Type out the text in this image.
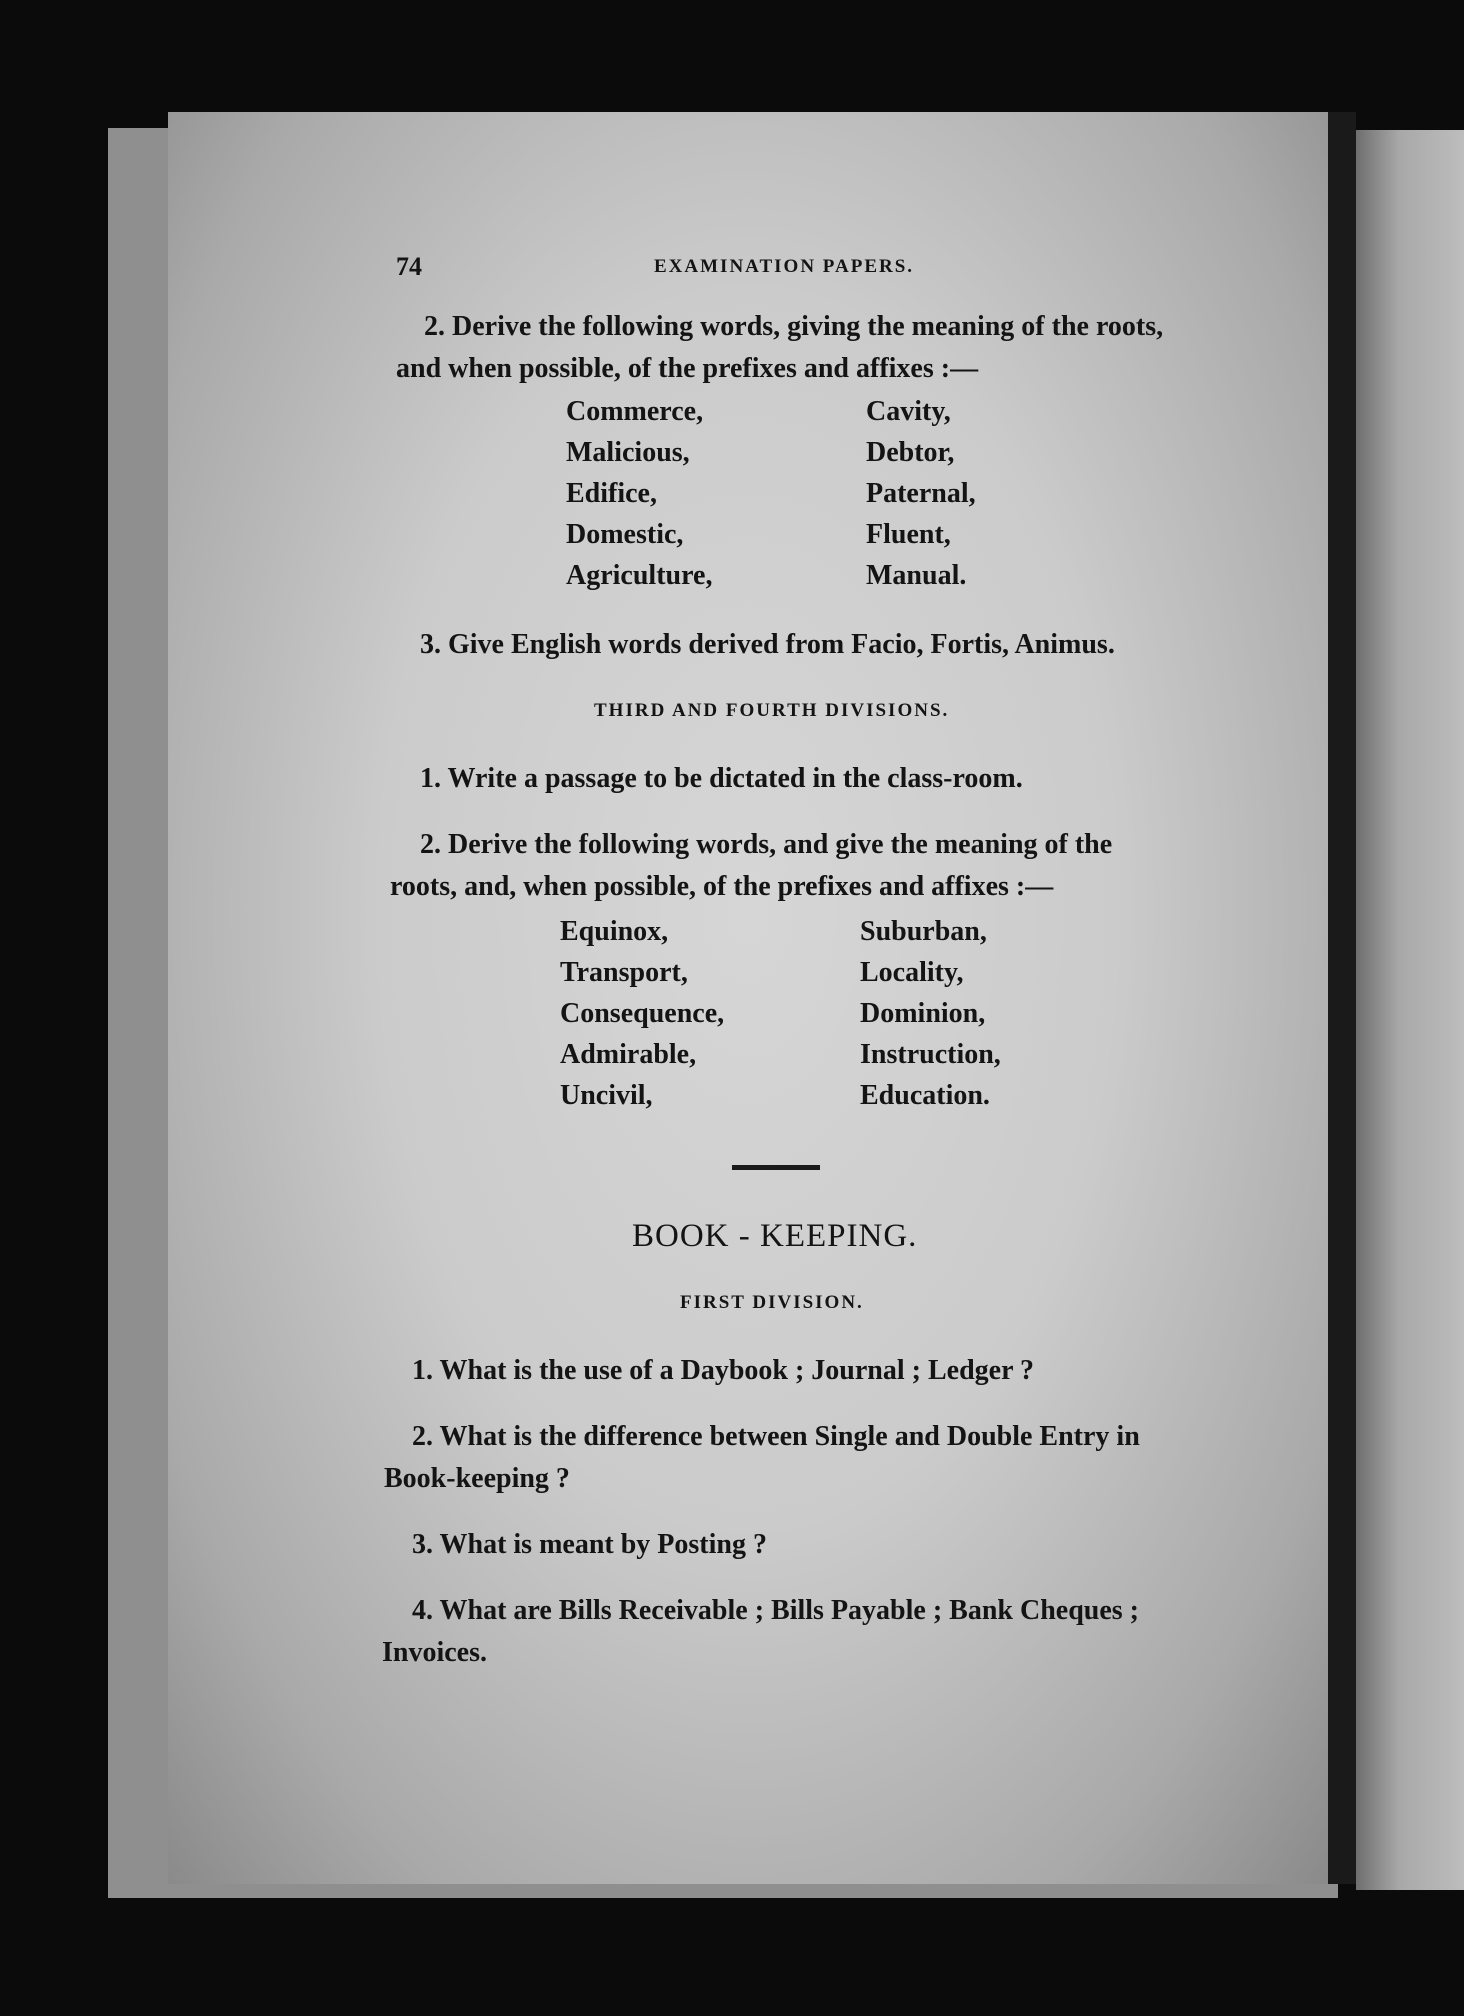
74	EXAMINATION PAPERS.
2. Derive the following words, giving the meaning of the roots,
and when possible, of the prefixes and affixes :—
Commerce,
Malicious,
Edifice,
Domestic,
Agriculture,
Cavity,
Debtor,
Paternal,
Fluent,
Manual.
3. Give English words derived from Facio, Fortis, Animus.
THIRD AND FOURTH DIVISIONS.
1. Write a passage to be dictated in the class-room.
2. Derive the following words, and give the meaning of the
roots, and, when possible, of the prefixes and affixes :—
Equinox,
Transport,
Consequence,
Admirable,
Uncivil,
Suburban,
Locality,
Dominion,
Instruction,
Education.
BOOK - KEEPING.
FIRST DIVISION.
1. What is the use of a Daybook ; Journal ; Ledger ?
2. What is the difference between Single and Double Entry in
Book-keeping ?
3. What is meant by Posting ?
4. What are Bills Receivable ; Bills Payable ; Bank Cheques ;
Invoices.
